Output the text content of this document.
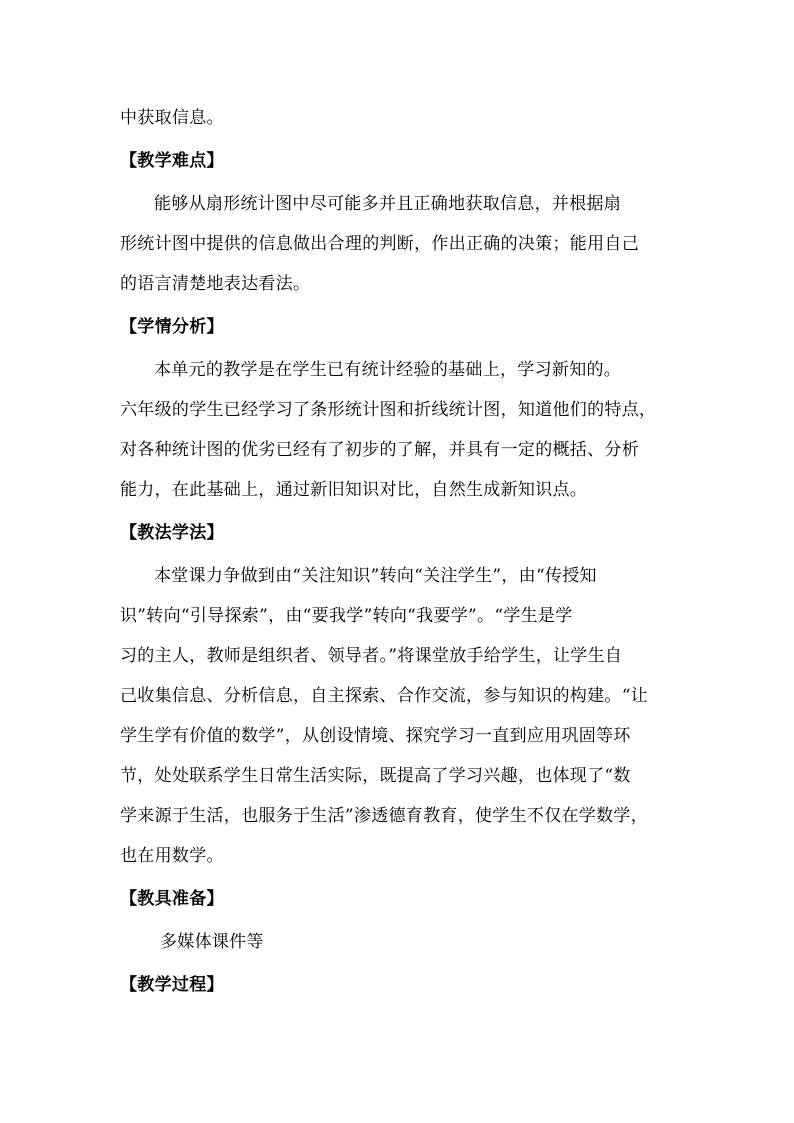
中获取信息。
【教学难点】
能够从扇形统计图中尽可能多并且正确地获取信息，并根据扇
形统计图中提供的信息做出合理的判断，作出正确的决策；能用自己
的语言清楚地表达看法。
【学情分析】
本单元的教学是在学生已有统计经验的基础上，学习新知的。
六年级的学生已经学习了条形统计图和折线统计图，知道他们的特点，
对各种统计图的优劣已经有了初步的了解，并具有一定的概括、分析
能力，在此基础上，通过新旧知识对比，自然生成新知识点。
【教法学法】
本堂课力争做到由“关注知识”转向“关注学生”，由“传授知
识”转向“引导探索”，由“要我学”转向“我要学”。“学生是学
习的主人，教师是组织者、领导者。”将课堂放手给学生，让学生自
己收集信息、分析信息，自主探索、合作交流，参与知识的构建。“让
学生学有价值的数学”，从创设情境、探究学习一直到应用巩固等环
节，处处联系学生日常生活实际，既提高了学习兴趣，也体现了“数
学来源于生活，也服务于生活”渗透德育教育，使学生不仅在学数学，
也在用数学。
【教具准备】
多媒体课件等
【教学过程】
